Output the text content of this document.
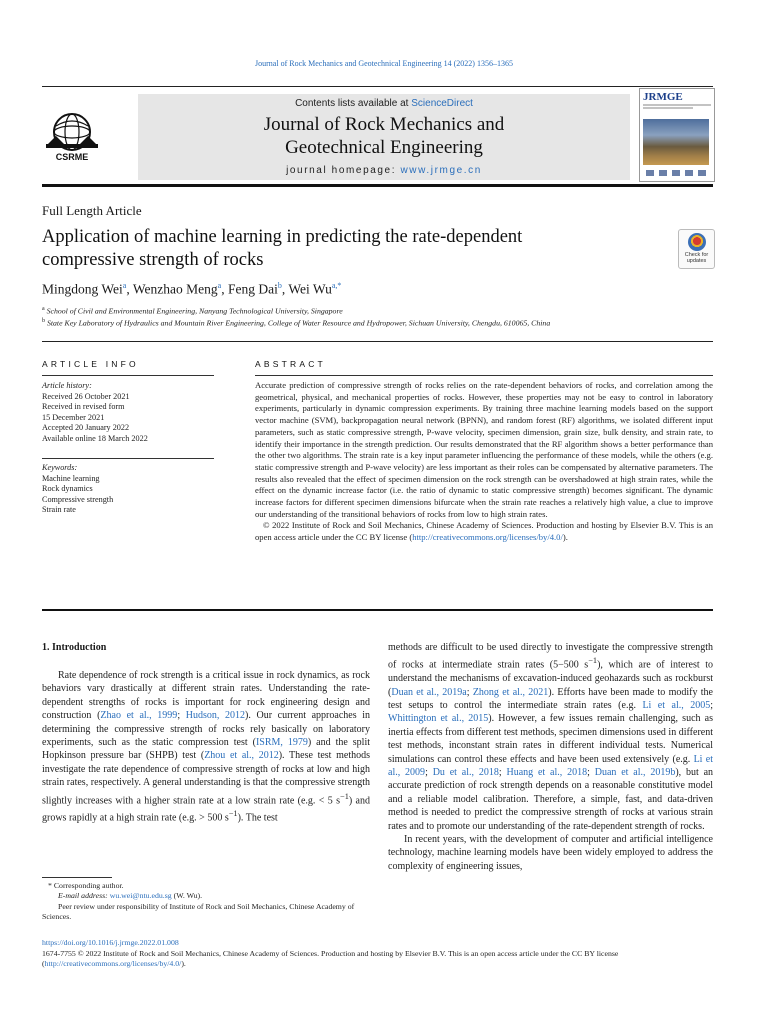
Journal of Rock Mechanics and Geotechnical Engineering 14 (2022) 1356–1365
CSRME
Contents lists available at ScienceDirect
Journal of Rock Mechanics and
Geotechnical Engineering
journal homepage: www.jrmge.cn
JRMGE
Full Length Article
Application of machine learning in predicting the rate-dependent
compressive strength of rocks	Check for updates
Mingdong Wei$^a$, Wenzhao Meng$^a$, Feng Dai$^b$, Wei $Wu^{a,*}$
$^a$ School of Civil and Environmental Engineering, Nanyang Technological University, Singapore
$^b$ State Key Laboratory of Hydraulics and Mountain River Engineering, College of Water Resource and Hydropower, Sichuan University, Chengdu, 610065, China
ARTICLE INFO	ABSTRACT
Article history:
Received 26 October 2021
Received in revised form
15 December 2021
Accepted 20 January 2022
Available online 18 March 2022
Keywords:
Machine learning
Rock dynamics
Compressive strength
Strain rate
Accurate prediction of compressive strength of rocks relies on the rate-dependent behaviors of rocks, and correlation among the geometrical, physical, and mechanical properties of rocks. However, these properties may not be easy to control in laboratory experiments, particularly in dynamic compression experiments. By training three machine learning models based on the support vector machine (SVM), backpropagation neural network (BPNN), and random forest (RF) algorithms, we isolated different input parameters, such as static compressive strength, P-wave velocity, specimen dimension, grain size, bulk density, and strain rate, to identify their importance in the strength prediction. Our results demonstrated that the RF algorithm shows a better performance than the other two algorithms. The strain rate is a key input parameter influencing the performance of these models, while the others (e.g. static compressive strength and P-wave velocity) are less important as their roles can be compensated by alternative parameters. The results also revealed that the effect of specimen dimension on the rock strength can be overshadowed at high strain rates, while the effect on the dynamic increase factor (i.e. the ratio of dynamic to static compressive strength) becomes significant. The dynamic increase factors for different specimen dimensions bifurcate when the strain rate reaches a relatively high value, a clue to improve our understanding of the transitional behaviors of rocks from low to high strain rates.
© 2022 Institute of Rock and Soil Mechanics, Chinese Academy of Sciences. Production and hosting by Elsevier B.V. This is an open access article under the CC BY license (http://creativecommons.org/licenses/by/4.0/).
1. Introduction

Rate dependence of rock strength is a critical issue in rock dynamics, as rock behaviors vary drastically at different strain rates. Understanding the rate-dependent strengths of rocks is important for rock engineering design and construction (Zhao et al., 1999; Hudson, 2012). Our current approaches in determining the compressive strength of rocks rely basically on laboratory experiments, such as the static compression test (ISRM, 1979) and the split Hopkinson pressure bar (SHPB) test (Zhou et al., 2012). These test methods investigate the rate dependence of compressive strength of rocks at low and high strain rates, respectively. A general understanding is that the compressive strength slightly increases with a higher strain rate at a low strain rate (e.g. < 5 $s^{-1}$) and grows rapidly at a high strain rate (e.g. > 500 $s^{-1}$). The test

methods are difficult to be used directly to investigate the compressive strength of rocks at intermediate strain rates (5−500 $s^{-1}$), which are of interest to understand the mechanisms of excavation-induced geohazards such as rockburst (Duan et al., 2019a; Zhong et al., 2021). Efforts have been made to modify the test setups to control the intermediate strain rates (e.g. Li et al., 2005; Whittington et al., 2015). However, a few issues remain challenging, such as inertia effects from different test methods, specimen dimensions used in different test methods, inconstant strain rates in different individual tests. Numerical simulations can control these effects and have been used extensively (e.g. Li et al., 2009; Du et al., 2018; Huang et al., 2018; Duan et al., 2019b), but an accurate prediction of rock strength depends on a reasonable constitutive model and a reliable model calibration. Therefore, a simple, fast, and data-driven method is needed to predict the compressive strength of rocks at various strain rates and to promote our understanding of the rate-dependent strength of rocks.

In recent years, with the development of computer and artificial intelligence technology, machine learning models have been widely employed to address the complexity of engineering issues,

* Corresponding author.
E-mail address: wu.wei@ntu.edu.sg (W. Wu).
Peer review under responsibility of Institute of Rock and Soil Mechanics, Chinese Academy of Sciences.
https://doi.org/10.1016/j.jrmge.2022.01.008
1674-7755 © 2022 Institute of Rock and Soil Mechanics, Chinese Academy of Sciences. Production and hosting by Elsevier B.V. This is an open access article under the CC BY license (http://creativecommons.org/licenses/by/4.0/).
